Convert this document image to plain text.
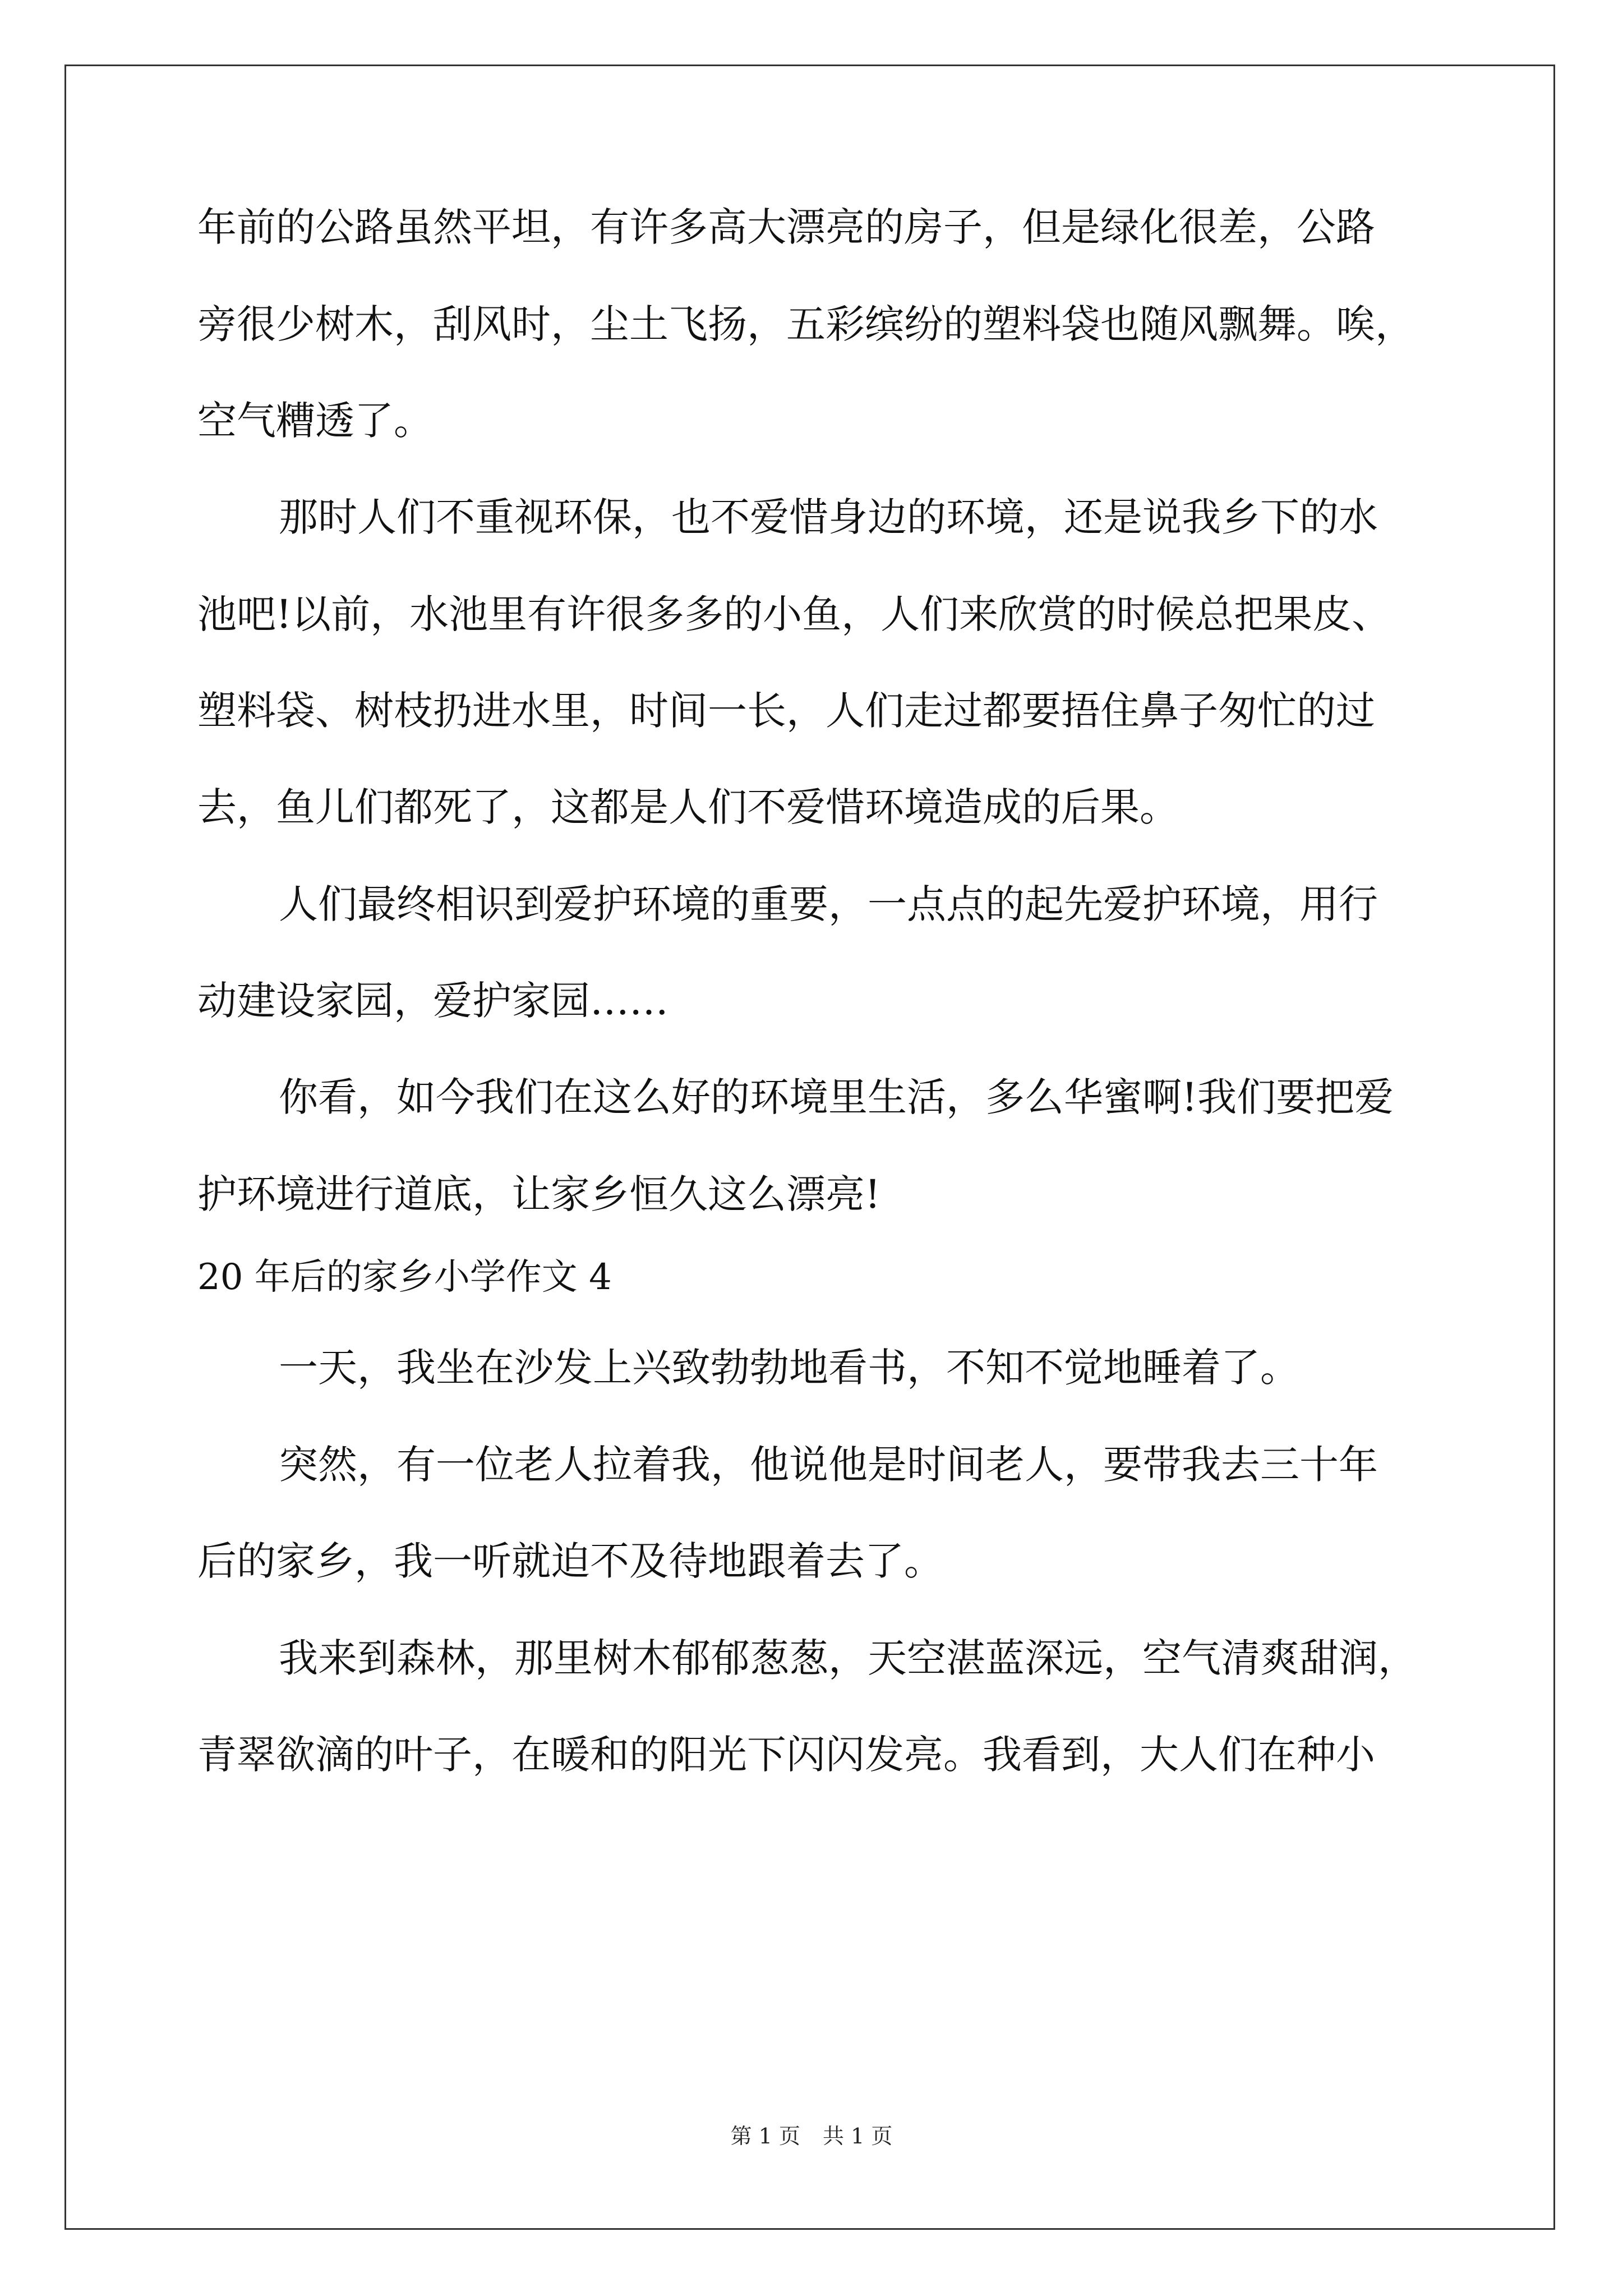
年前的公路虽然平坦，有许多高大漂亮的房子，但是绿化很差，公路
旁很少树木，刮风时，尘土飞扬，五彩缤纷的塑料袋也随风飘舞。唉，
空气糟透了。
那时人们不重视环保，也不爱惜身边的环境，还是说我乡下的水
池吧!以前，水池里有许很多多的小鱼，人们来欣赏的时候总把果皮、
塑料袋、树枝扔进水里，时间一长，人们走过都要捂住鼻子匆忙的过
去，鱼儿们都死了，这都是人们不爱惜环境造成的后果。
人们最终相识到爱护环境的重要，一点点的起先爱护环境，用行
动建设家园，爱护家园……
你看，如今我们在这么好的环境里生活，多么华蜜啊!我们要把爱
护环境进行道底，让家乡恒久这么漂亮!
20 年后的家乡小学作文 4
一天，我坐在沙发上兴致勃勃地看书，不知不觉地睡着了。
突然，有一位老人拉着我，他说他是时间老人，要带我去三十年
后的家乡，我一听就迫不及待地跟着去了。
我来到森林，那里树木郁郁葱葱，天空湛蓝深远，空气清爽甜润，
青翠欲滴的叶子，在暖和的阳光下闪闪发亮。我看到，大人们在种小
第 1 页 共 1 页
